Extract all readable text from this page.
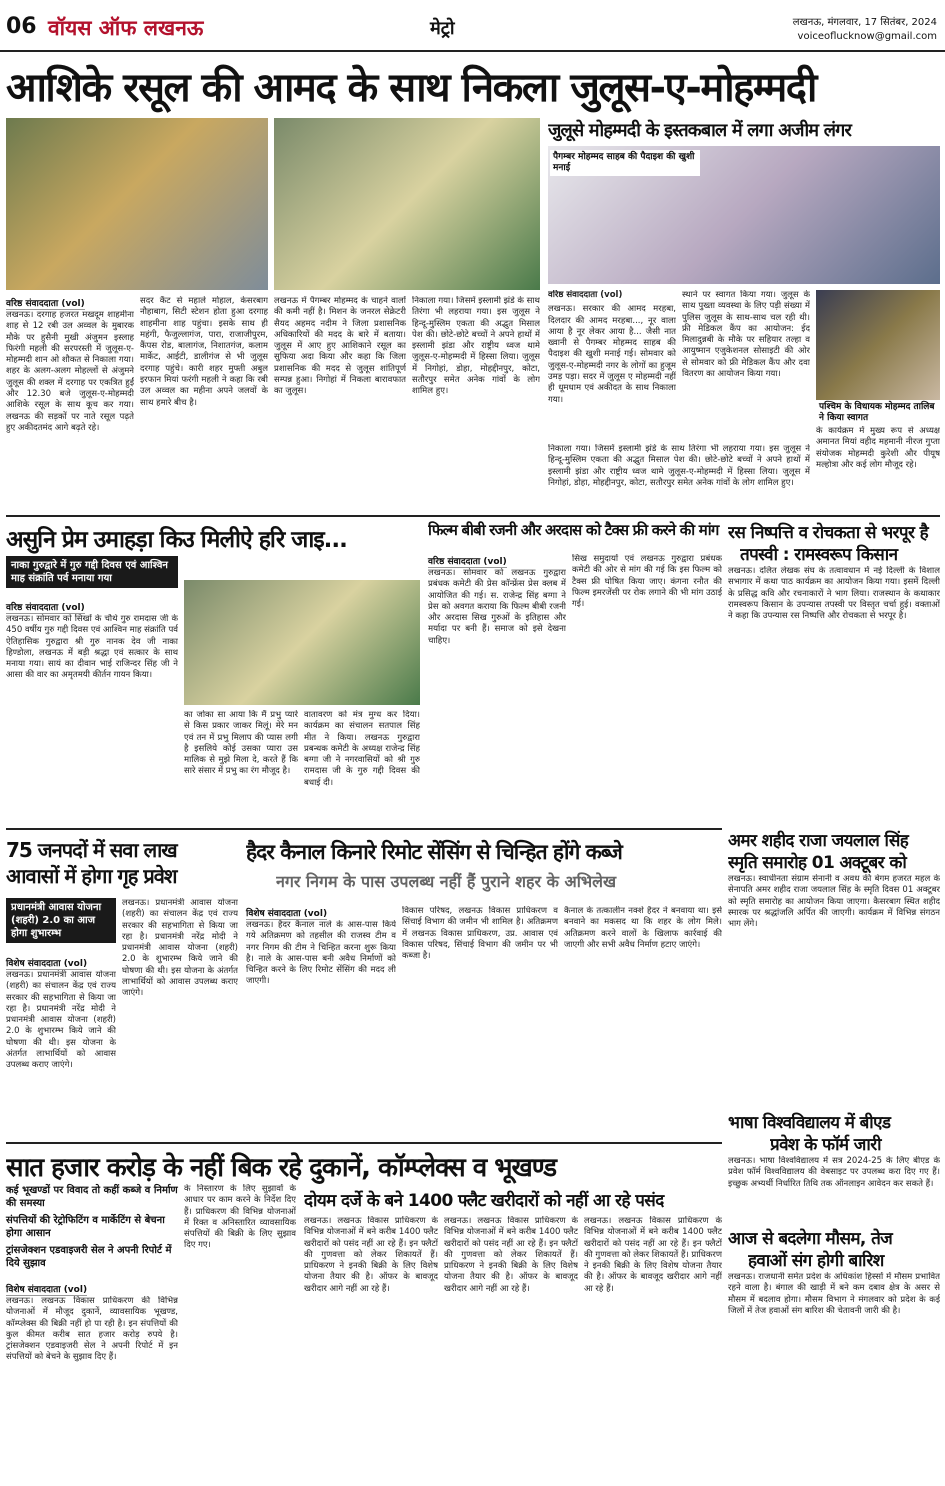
06 वॉयस ऑफ लखनऊ	मेट्रो	लखनऊ, मंगलवार, 17 सितंबर, 2024
voiceoflucknow@gmail.com
आशिके रसूल की आमद के साथ निकला जुलूस-ए-मोहम्मदी
जुलूसे मोहम्मदी के इस्तकबाल में लगा अजीम लंगर
पैगम्बर मोहम्मद साहब की पैदाइश की खुशी मनाई
वरिष्ठ संवाददाता (vol)
लखनऊ। दरगाह हजरत मखदूम शाहमीना शाह से 12 रबी उल अव्वल के मुबारक मौके पर हुसैनी मुखी अंजुमन इस्लाह फिरंगी महली की सरपरस्ती में जुलूस-ए-मोहम्मदी शान ओ शौकत से निकाला गया। शहर के अलग-अलग मोहल्लों से अंजुमने जुलूस की शक्ल में दरगाह पर एकत्रित हुईं और 12.30 बजे जुलूस-ए-मोहम्मदी आशिके रसूल के साथ कूच कर गया। लखनऊ की सड़कों पर नाते रसूल पढ़ते हुए अकीदतमंद आगे बढ़ते रहे।
सदर कैंट से महाले मोहाल, केसरबाग नौहाबाग, सिटी स्टेशन होता हुआ दरगाह शाहमीना शाह पहुंचा। इसके साथ ही महंगी, फैजुल्लागंज, पारा, राजाजीपुरम, कैंपस रोड, बालागंज, निशातगंज, कलाम मार्केट, आईटी, डालीगंज से भी जुलूस दरगाह पहुंचे। कारी शहर मुफ्ती अबुल इरफान मियां फरंगी महली ने कहा कि रबी उल अव्वल का महीना अपने जलवों के साथ हमारे बीच है।
लखनऊ में पैगम्बर मोहम्मद के चाहने वालों की कमी नहीं है। मिशन के जनरल सेक्रेटरी सैयद अहमद नदीम ने जिला प्रशासनिक अधिकारियों की मदद के बारे में बताया। जुलूस में आए हुए आशिकाने रसूल का सुफिया अदा किया और कहा कि जिला प्रशासनिक की मदद से जुलूस शांतिपूर्ण सम्पन्न हुआ। निगोहां में निकला बारावफात का जुलूस।
निकाला गया। जिसमें इस्लामी झंडे के साथ तिरंगा भी लहराया गया। इस जुलूस ने हिन्दू-मुस्लिम एकता की अद्भुत मिसाल पेश की। छोटे-छोटे बच्चों ने अपने हाथों में इस्लामी झंडा और राष्ट्रीय ध्वज थामे जुलूस-ए-मोहम्मदी में हिस्सा लिया। जुलूस में निगोहां, डोहा, मोहद्दीनपुर, कोटा, सतौरपुर समेत अनेक गांवों के लोग शामिल हुए।
वरिष्ठ संवाददाता (vol)
लखनऊ। सरकार की आमद मरहबा, दिलदार की आमद मरहबा..., नूर वाला आया है नूर लेकर आया है... जैसी नात ख्वानी से पैगम्बर मोहम्मद साहब की पैदाइश की खुशी मनाई गई। सोमवार को जुलूस-ए-मोहम्मदी नगर के लोगों का हुजूम उमड़ पड़ा। सदर में जुलूस ए मोहम्मदी नहीं ही धूमधाम एवं अकीदत के साथ निकाला गया।
स्थाने पर स्वागत किया गया। जुलूस के साथ पुख्ता व्यवस्था के लिए पड़ी संख्या में पुलिस जुलूस के साथ-साथ चल रही थी। फ्री मेडिकल कैंप का आयोजन: ईद मिलादुन्नबी के मौके पर सहियार तल्हा व आयुष्मान एजुकेशनल सोसाइटी की ओर से सोमवार को फ्री मेडिकल कैंप और दवा वितरण का आयोजन किया गया।
पश्चिम के विधायक मोहम्मद तालिब ने किया स्वागत
के कार्यक्रम में मुख्य रूप से अध्यक्ष अमानत मियां वहीद महमानी नीरज गुप्ता संयोजक मोहम्मदी कुरेशी और पीयूष मल्होत्रा और कई लोग मौजूद रहे।
निकाला गया। जिसमें इस्लामी झंडे के साथ तिरंगा भी लहराया गया। इस जुलूस ने हिन्दू-मुस्लिम एकता की अद्भुत मिसाल पेश की। छोटे-छोटे बच्चों ने अपने हाथों में इस्लामी झंडा और राष्ट्रीय ध्वज थामे जुलूस-ए-मोहम्मदी में हिस्सा लिया। जुलूस में निगोहां, डोहा, मोहद्दीनपुर, कोटा, सतौरपुर समेत अनेक गांवों के लोग शामिल हुए।
असुनि प्रेम उमाहड़ा किउ मिलीऐ हरि जाइ...
नाका गुरुद्वारे में गुरु गद्दी दिवस एवं आश्विन माह संक्रांति पर्व मनाया गया
वरिष्ठ संवाददाता (vol)
लखनऊ। सोमवार को सिखों के चौथे गुरु रामदास जी के 450 वर्षीय गुरु गद्दी दिवस एवं आश्विन माह संक्रांति पर्व ऐतिहासिक गुरुद्वारा श्री गुरु नानक देव जी नाका हिण्डोला, लखनऊ में बड़ी श्रद्धा एवं सत्कार के साथ मनाया गया। सायं का दीवान भाई राजिन्दर सिंह जी ने आसा की वार का अमृतमयी कीर्तन गायन किया।
का जोका सा आया कि मैं प्रभु प्यारे से किस प्रकार जाकर मिलूं। मेरे मन एवं तन में प्रभु मिलाप की प्यास लगी है इसलिये कोई उसका प्यारा उस मालिक से मुझे मिला दे, करते हैं कि सारे संसार में प्रभु का रंग मौजूद है।
वातावरण को मंत्र मुग्ध कर दिया। कार्यक्रम का संचालन सतपाल सिंह मीत ने किया। लखनऊ गुरुद्वारा प्रबन्धक कमेटी के अध्यक्ष राजेन्द्र सिंह बग्गा जी ने नगरवासियों को श्री गुरु रामदास जी के गुरु गद्दी दिवस की बधाई दी।
फिल्म बीबी रजनी और अरदास को टैक्स फ्री करने की मांग
वरिष्ठ संवाददाता (vol)
लखनऊ। सोमवार को लखनऊ गुरुद्वारा प्रबंधक कमेटी की प्रेस कॉन्फ्रेंस प्रेस क्लब में आयोजित की गई। स. राजेन्द्र सिंह बग्गा ने प्रेस को अवगत कराया कि फिल्म बीबी रजनी और अरदास सिख गुरुओं के इतिहास और मर्यादा पर बनी हैं। समाज को इसे देखना चाहिए।
सिख समुदायों एवं लखनऊ गुरुद्वारा प्रबंधक कमेटी की ओर से मांग की गई कि इस फिल्म को टैक्स फ्री घोषित किया जाए। कंगना रनौत की फिल्म इमरजेंसी पर रोक लगाने की भी मांग उठाई गई।
रस निष्पत्ति व रोचकता से भरपूर है
तपस्वी : रामस्वरूप किसान
लखनऊ। दलित लेखक संघ के तत्वावधान में नई दिल्ली के विशाल सभागार में कथा पाठ कार्यक्रम का आयोजन किया गया। इसमें दिल्ली के प्रसिद्ध कवि और रचनाकारों ने भाग लिया। राजस्थान के कथाकार रामस्वरूप किसान के उपन्यास तपस्वी पर विस्तृत चर्चा हुई। वक्ताओं ने कहा कि उपन्यास रस निष्पत्ति और रोचकता से भरपूर है।
अमर शहीद राजा जयलाल सिंह
स्मृति समारोह 01 अक्टूबर को
लखनऊ। स्वाधीनता संग्राम सेनानी व अवध की बेगम हजरत महल के सेनापति अमर शहीद राजा जयलाल सिंह के स्मृति दिवस 01 अक्टूबर को स्मृति समारोह का आयोजन किया जाएगा। कैसरबाग स्थित शहीद स्मारक पर श्रद्धांजलि अर्पित की जाएगी। कार्यक्रम में विभिन्न संगठन भाग लेंगे।
भाषा विश्वविद्यालय में बीएड
प्रवेश के फॉर्म जारी
लखनऊ। भाषा विश्वविद्यालय में सत्र 2024-25 के लिए बीएड के प्रवेश फॉर्म विश्वविद्यालय की वेबसाइट पर उपलब्ध करा दिए गए हैं। इच्छुक अभ्यर्थी निर्धारित तिथि तक ऑनलाइन आवेदन कर सकते हैं।
आज से बदलेगा मौसम, तेज
हवाओं संग होगी बारिश
लखनऊ। राजधानी समेत प्रदेश के अधिकांश हिस्सों में मौसम प्रभावित रहने वाला है। बंगाल की खाड़ी में बने कम दबाव क्षेत्र के असर से मौसम में बदलाव होगा। मौसम विभाग ने मंगलवार को प्रदेश के कई जिलों में तेज हवाओं संग बारिश की चेतावनी जारी की है।
75 जनपदों में सवा लाख
आवासों में होगा गृह प्रवेश
प्रधानमंत्री आवास योजना (शहरी) 2.0 का आज होगा शुभारम्भ
विशेष संवाददाता (vol)
लखनऊ। प्रधानमंत्री आवास योजना (शहरी) का संचालन केंद्र एवं राज्य सरकार की सहभागिता से किया जा रहा है। प्रधानमंत्री नरेंद्र मोदी ने प्रधानमंत्री आवास योजना (शहरी) 2.0 के शुभारम्भ किये जाने की घोषणा की थी। इस योजना के अंतर्गत लाभार्थियों को आवास उपलब्ध कराए जाएंगे।
लखनऊ। प्रधानमंत्री आवास योजना (शहरी) का संचालन केंद्र एवं राज्य सरकार की सहभागिता से किया जा रहा है। प्रधानमंत्री नरेंद्र मोदी ने प्रधानमंत्री आवास योजना (शहरी) 2.0 के शुभारम्भ किये जाने की घोषणा की थी। इस योजना के अंतर्गत लाभार्थियों को आवास उपलब्ध कराए जाएंगे।
हैदर कैनाल किनारे रिमोट सेंसिंग से चिन्हित होंगे कब्जे
नगर निगम के पास उपलब्ध नहीं हैं पुराने शहर के अभिलेख
विशेष संवाददाता (vol)
लखनऊ। हैदर कैनाल नाले के आस-पास किये गये अतिक्रमण को तहसील की राजस्व टीम व नगर निगम की टीम ने चिन्हित करना शुरू किया है। नाले के आस-पास बनी अवैध निर्माणों को चिन्हित करने के लिए रिमोट सेंसिंग की मदद ली जाएगी।
विकास परिषद, लखनऊ विकास प्राधिकरण व सिंचाई विभाग की जमीन भी शामिल है। अतिक्रमण में लखनऊ विकास प्राधिकरण, उप्र. आवास एवं विकास परिषद, सिंचाई विभाग की जमीन पर भी कब्जा है।
कैनाल के तत्कालीन नक्शे हैदर ने बनवाया था। इसे बनवाने का मकसद था कि शहर के लोग मिले। अतिक्रमण करने वालों के खिलाफ कार्रवाई की जाएगी और सभी अवैध निर्माण हटाए जाएंगे।
सात हजार करोड़ के नहीं बिक रहे दुकानें, कॉम्प्लेक्स व भूखण्ड
कई भूखण्डों पर विवाद तो कहीं कब्जे व निर्माण की समस्या
संपत्तियों की रेट्रोफिटिंग व मार्केटिंग से बेचना होगा आसान
ट्रांसजेक्शन एडवाइजरी सेल ने अपनी रिपोर्ट में दिये सुझाव
विशेष संवाददाता (vol)
लखनऊ। लखनऊ विकास प्राधिकरण की विभिन्न योजनाओं में मौजूद दुकानें, व्यावसायिक भूखण्ड, कॉम्प्लेक्स की बिक्री नहीं हो पा रही है। इन संपत्तियों की कुल कीमत करीब सात हजार करोड़ रुपये है। ट्रांसजेक्शन एडवाइजरी सेल ने अपनी रिपोर्ट में इन संपत्तियों को बेचने के सुझाव दिए हैं।
के निस्तारण के लिए सुझावों के आधार पर काम करने के निर्देश दिए हैं। प्राधिकरण की विभिन्न योजनाओं में रिक्त व अनिस्तारित व्यावसायिक संपत्तियों की बिक्री के लिए सुझाव दिए गए।
दोयम दर्जे के बने 1400 फ्लैट खरीदारों को नहीं आ रहे पसंद
लखनऊ। लखनऊ विकास प्राधिकरण के विभिन्न योजनाओं में बने करीब 1400 फ्लैट खरीदारों को पसंद नहीं आ रहे हैं। इन फ्लैटों की गुणवत्ता को लेकर शिकायतें हैं। प्राधिकरण ने इनकी बिक्री के लिए विशेष योजना तैयार की है। ऑफर के बावजूद खरीदार आगे नहीं आ रहे हैं।
लखनऊ। लखनऊ विकास प्राधिकरण के विभिन्न योजनाओं में बने करीब 1400 फ्लैट खरीदारों को पसंद नहीं आ रहे हैं। इन फ्लैटों की गुणवत्ता को लेकर शिकायतें हैं। प्राधिकरण ने इनकी बिक्री के लिए विशेष योजना तैयार की है। ऑफर के बावजूद खरीदार आगे नहीं आ रहे हैं।
लखनऊ। लखनऊ विकास प्राधिकरण के विभिन्न योजनाओं में बने करीब 1400 फ्लैट खरीदारों को पसंद नहीं आ रहे हैं। इन फ्लैटों की गुणवत्ता को लेकर शिकायतें हैं। प्राधिकरण ने इनकी बिक्री के लिए विशेष योजना तैयार की है। ऑफर के बावजूद खरीदार आगे नहीं आ रहे हैं।
